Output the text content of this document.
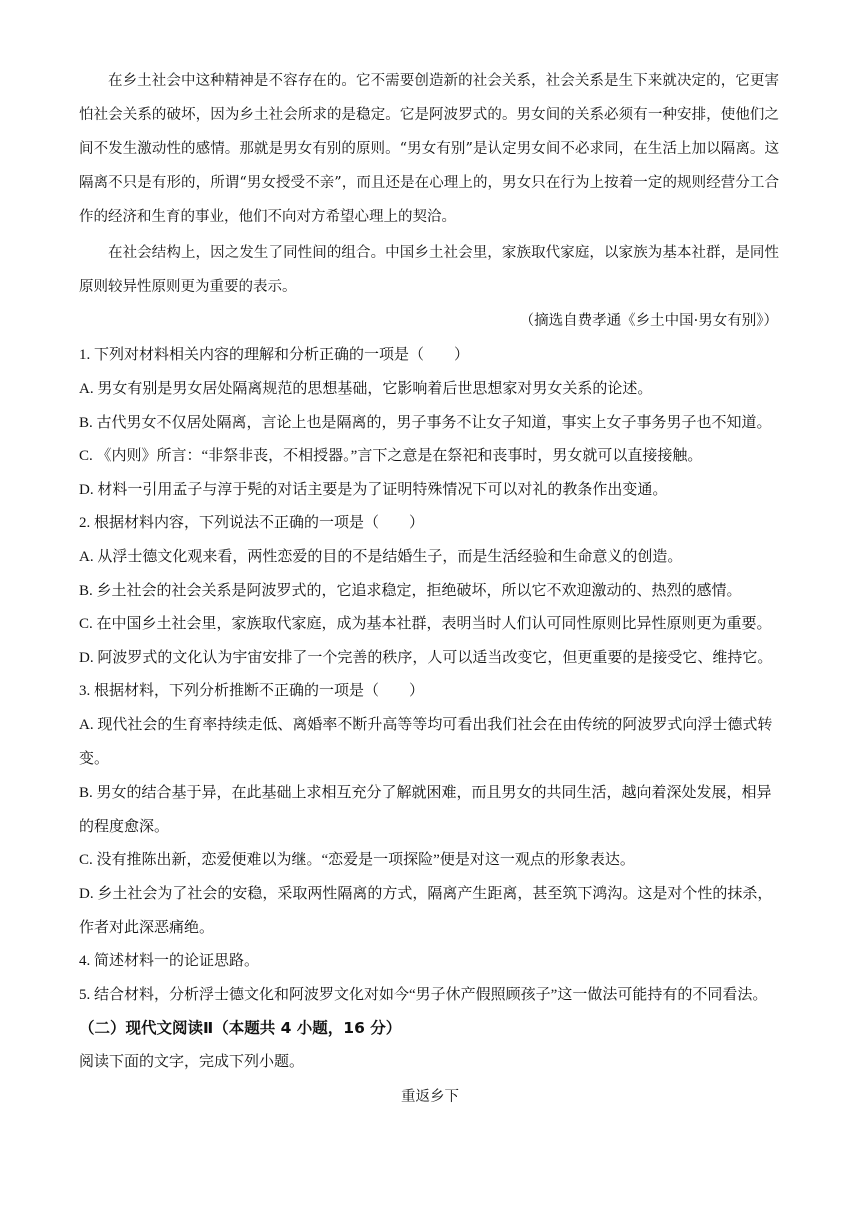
在乡土社会中这种精神是不容存在的。它不需要创造新的社会关系，社会关系是生下来就决定的，它更害怕社会关系的破坏，因为乡土社会所求的是稳定。它是阿波罗式的。男女间的关系必须有一种安排，使他们之间不发生激动性的感情。那就是男女有别的原则。“男女有别”是认定男女间不必求同，在生活上加以隔离。这隔离不只是有形的，所谓“男女授受不亲”，而且还是在心理上的，男女只在行为上按着一定的规则经营分工合作的经济和生育的事业，他们不向对方希望心理上的契洽。
在社会结构上，因之发生了同性间的组合。中国乡土社会里，家族取代家庭，以家族为基本社群，是同性原则较异性原则更为重要的表示。
（摘选自费孝通《乡土中国·男女有别》）
1. 下列对材料相关内容的理解和分析正确的一项是（　　）
A. 男女有别是男女居处隔离规范的思想基础，它影响着后世思想家对男女关系的论述。
B. 古代男女不仅居处隔离，言论上也是隔离的，男子事务不让女子知道，事实上女子事务男子也不知道。
C. 《内则》所言：“非祭非丧，不相授器。”言下之意是在祭祀和丧事时，男女就可以直接接触。
D. 材料一引用孟子与淳于髡的对话主要是为了证明特殊情况下可以对礼的教条作出变通。
2. 根据材料内容，下列说法不正确的一项是（　　）
A. 从浮士德文化观来看，两性恋爱的目的不是结婚生子，而是生活经验和生命意义的创造。
B. 乡土社会的社会关系是阿波罗式的，它追求稳定，拒绝破坏，所以它不欢迎激动的、热烈的感情。
C. 在中国乡土社会里，家族取代家庭，成为基本社群，表明当时人们认可同性原则比异性原则更为重要。
D. 阿波罗式的文化认为宇宙安排了一个完善的秩序，人可以适当改变它，但更重要的是接受它、维持它。
3. 根据材料，下列分析推断不正确的一项是（　　）
A. 现代社会的生育率持续走低、离婚率不断升高等等均可看出我们社会在由传统的阿波罗式向浮士德式转变。
B. 男女的结合基于异，在此基础上求相互充分了解就困难，而且男女的共同生活，越向着深处发展，相异的程度愈深。
C. 没有推陈出新，恋爱便难以为继。“恋爱是一项探险”便是对这一观点的形象表达。
D. 乡土社会为了社会的安稳，采取两性隔离的方式，隔离产生距离，甚至筑下鸿沟。这是对个性的抹杀，作者对此深恶痛绝。
4. 简述材料一的论证思路。
5. 结合材料，分析浮士德文化和阿波罗文化对如今“男子休产假照顾孩子”这一做法可能持有的不同看法。
（二）现代文阅读Ⅱ（本题共 4 小题，16 分）
阅读下面的文字，完成下列小题。
重返乡下
